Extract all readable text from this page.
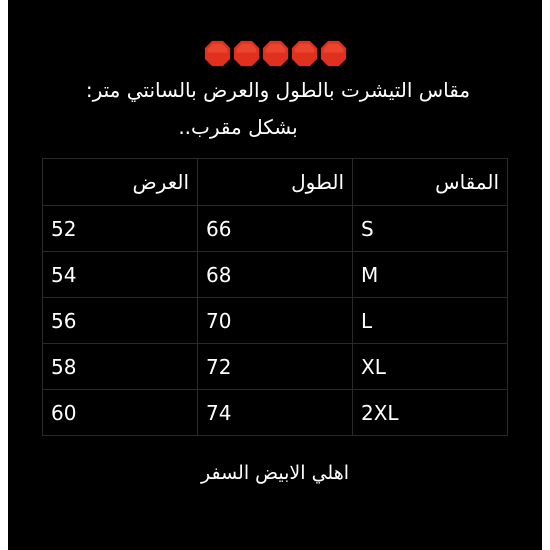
مقاس التيشرت بالطول والعرض بالسانتي متر:
بشكل مقرب..
العرض	الطول	المقاس
52	66	S
54	68	M
56	70	L
58	72	XL
60	74	2XL
اهلي الابيض السفر
